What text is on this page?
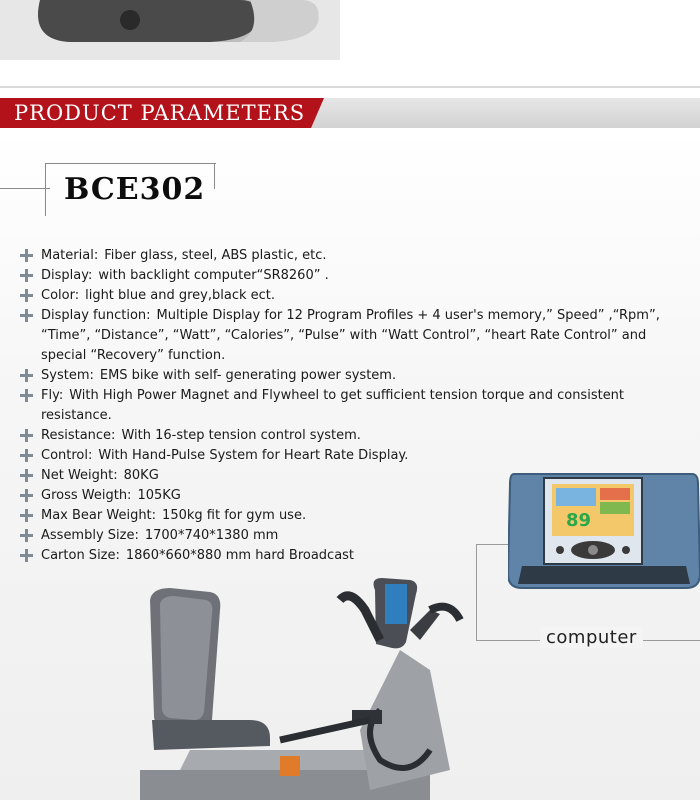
PRODUCT PARAMETERS
BCE302
Material: Fiber glass, steel, ABS plastic, etc.
Display: with backlight computer“SR8260” .
Color: light blue and grey,black ect.
Display function: Multiple Display for 12 Program Profiles + 4 user's memory,” Speed” ,“Rpm”, “Time”, “Distance”, “Watt”, “Calories”, “Pulse” with “Watt Control”, “heart Rate Control” and special “Recovery” function.
System: EMS bike with self- generating power system.
Fly: With High Power Magnet and Flywheel to get sufficient tension torque and consistent resistance.
Resistance: With 16-step tension control system.
Control: With Hand-Pulse System for Heart Rate Display.
Net Weight: 80KG
Gross Weigth: 105KG
Max Bear Weight: 150kg fit for gym use.
Assembly Size: 1700*740*1380 mm
Carton Size: 1860*660*880 mm hard Broadcast
89
computer
